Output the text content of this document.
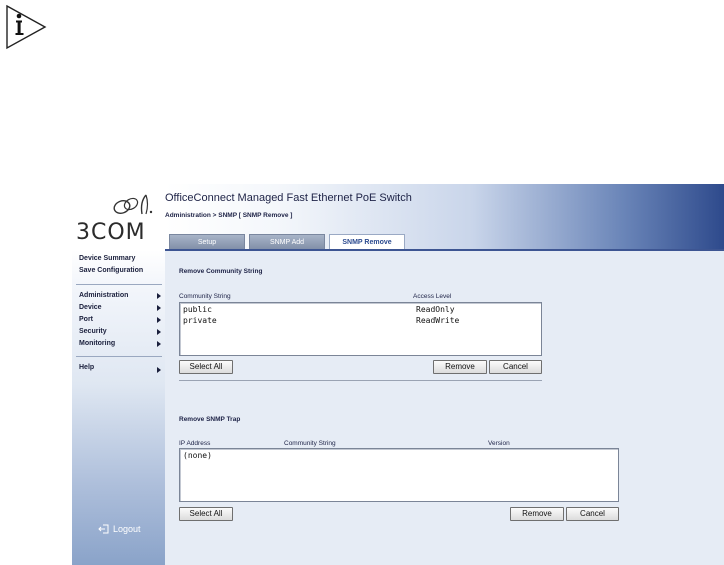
3COM
Device Summary
Save Configuration
Administration
Device
Port
Security
Monitoring
Help
Logout
OfficeConnect Managed Fast Ethernet PoE Switch
Administration > SNMP [ SNMP Remove ]
Setup	SNMP Add	SNMP Remove
Remove Community String
Community String	Access Level
public	ReadOnly
private	ReadWrite
Select All	Remove	Cancel
Remove SNMP Trap
IP Address	Community String	Version
(none)
Select All	Remove	Cancel
